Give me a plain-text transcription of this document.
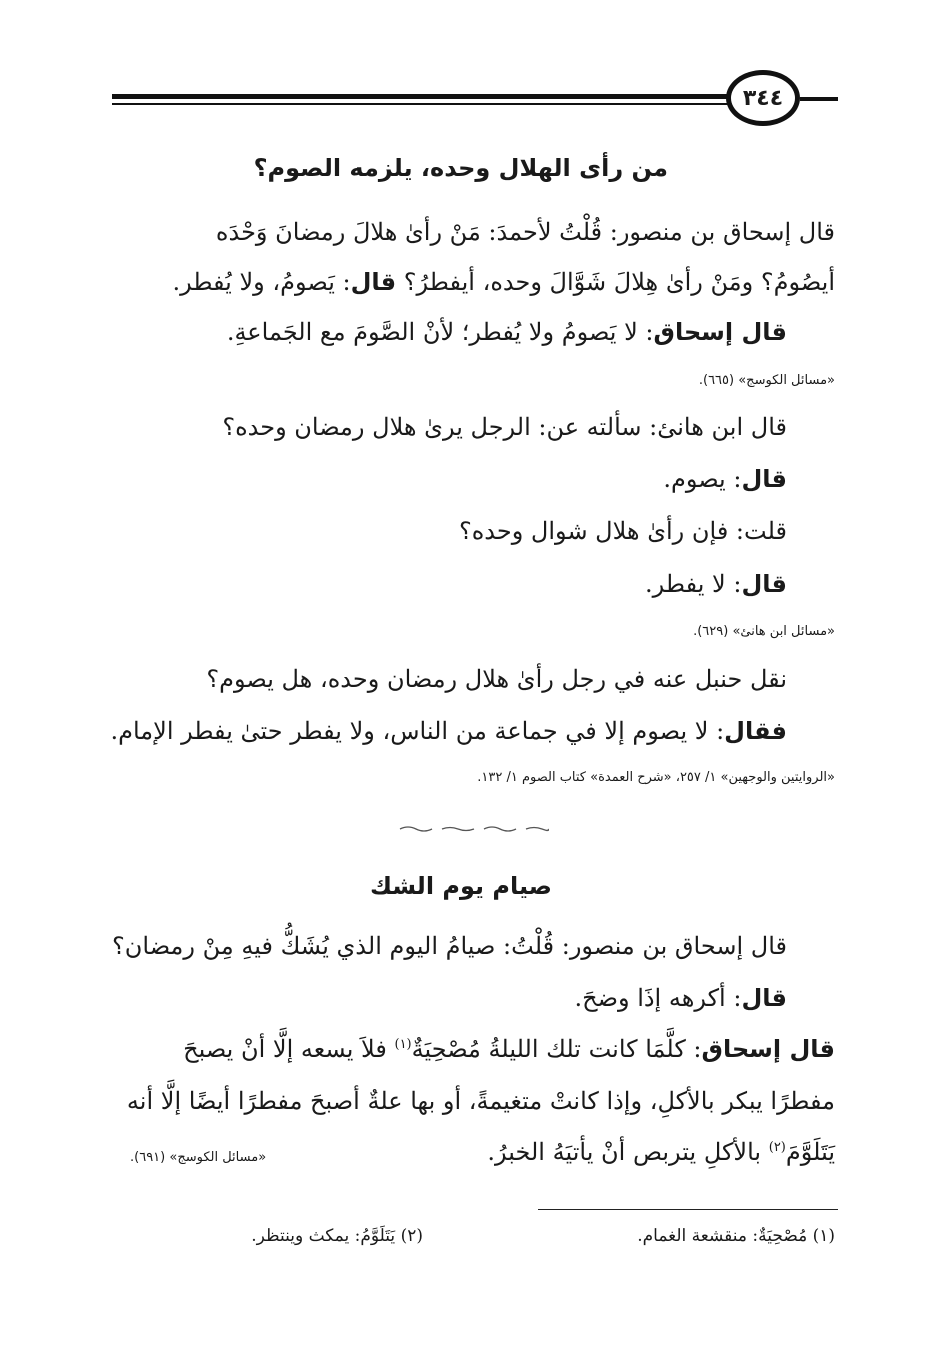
٣٤٤
من رأى الهلال وحده، يلزمه الصوم؟
قال إسحاق بن منصور: قُلْتُ لأحمدَ: مَنْ رأىٰ هلالَ رمضانَ وَحْدَه
أيصُومُ؟ ومَنْ رأىٰ هِلالَ شَوَّالَ وحده، أيفطرُ؟ قال: يَصومُ، ولا يُفطر.
قال إسحاق: لا يَصومُ ولا يُفطر؛ لأنْ الصَّومَ مع الجَماعةِ.
«مسائل الكوسج» (٦٦٥).
قال ابن هانئ: سألته عن: الرجل يرىٰ هلال رمضان وحده؟
قال: يصوم.
قلت: فإن رأىٰ هلال شوال وحده؟
قال: لا يفطر.
«مسائل ابن هانئ» (٦٢٩).
نقل حنبل عنه في رجل رأىٰ هلال رمضان وحده، هل يصوم؟
فقال: لا يصوم إلا في جماعة من الناس، ولا يفطر حتىٰ يفطر الإمام.
«الروايتين والوجهين» ١/ ٢٥٧، «شرح العمدة» كتاب الصوم ١/ ١٣٢.
صيام يوم الشك
قال إسحاق بن منصور: قُلْتُ: صيامُ اليوم الذي يُشَكُّ فيهِ مِنْ رمضان؟
قال: أكرهه إذَا وضحَ.
قال إسحاق: كلَّمَا كانت تلك الليلةُ مُصْحِيَةٌ$^{(١)}$ فلاَ يسعه إلَّا أنْ يصبحَ
مفطرًا يبكر بالأكلِ، وإذا كانتْ متغيمةً، أو بها علةٌ أصبحَ مفطرًا أيضًا إلَّا أنه
يَتَلَوَّمَ$^{(٢)}$ بالأكلِ يتربص أنْ يأتيَهُ الخبرُ.
«مسائل الكوسج» (٦٩١).
(١) مُصْحِيَةٌ: منقشعة الغمام.
(٢) يَتَلَوَّمُ: يمكث وينتظر.
